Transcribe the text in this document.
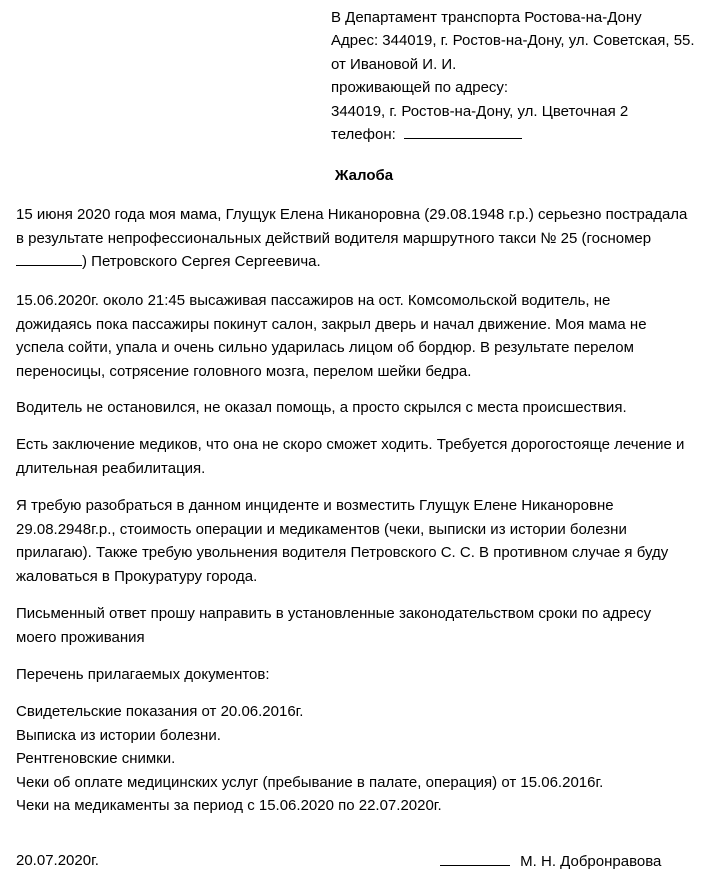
В Департамент транспорта Ростова-на-Дону
Адрес: 344019, г. Ростов-на-Дону, ул. Советская, 55.
от Ивановой И. И.
проживающей по адресу:
344019, г. Ростов-на-Дону, ул. Цветочная 2
телефон:
Жалоба
15 июня 2020 года моя мама, Глущук Елена Никаноровна (29.08.1948 г.р.) серьезно пострадала
в результате непрофессиональных действий водителя маршрутного такси № 25 (госномер
) Петровского Сергея Сергеевича.
15.06.2020г. около 21:45 высаживая пассажиров на ост. Комсомольской водитель, не
дожидаясь пока пассажиры покинут салон, закрыл дверь и начал движение. Моя мама не
успела сойти, упала и очень сильно ударилась лицом об бордюр. В результате перелом
переносицы, сотрясение головного мозга, перелом шейки бедра.
Водитель не остановился, не оказал помощь, а просто скрылся с места происшествия.
Есть заключение медиков, что она не скоро сможет ходить. Требуется дорогостояще лечение и
длительная реабилитация.
Я требую разобраться в данном инциденте и возместить Глущук Елене Никаноровне
29.08.2948г.р., стоимость операции и медикаментов (чеки, выписки из истории болезни
прилагаю). Также требую увольнения водителя Петровского С. С. В противном случае я буду
жаловаться в Прокуратуру города.
Письменный ответ прошу направить в установленные законодательством сроки по адресу
моего проживания
Перечень прилагаемых документов:
Свидетельские показания от 20.06.2016г.
Выписка из истории болезни.
Рентгеновские снимки.
Чеки об оплате медицинских услуг (пребывание в палате, операция) от 15.06.2016г.
Чеки на медикаменты за период с 15.06.2020 по 22.07.2020г.
20.07.2020г.	М. Н. Добронравова
